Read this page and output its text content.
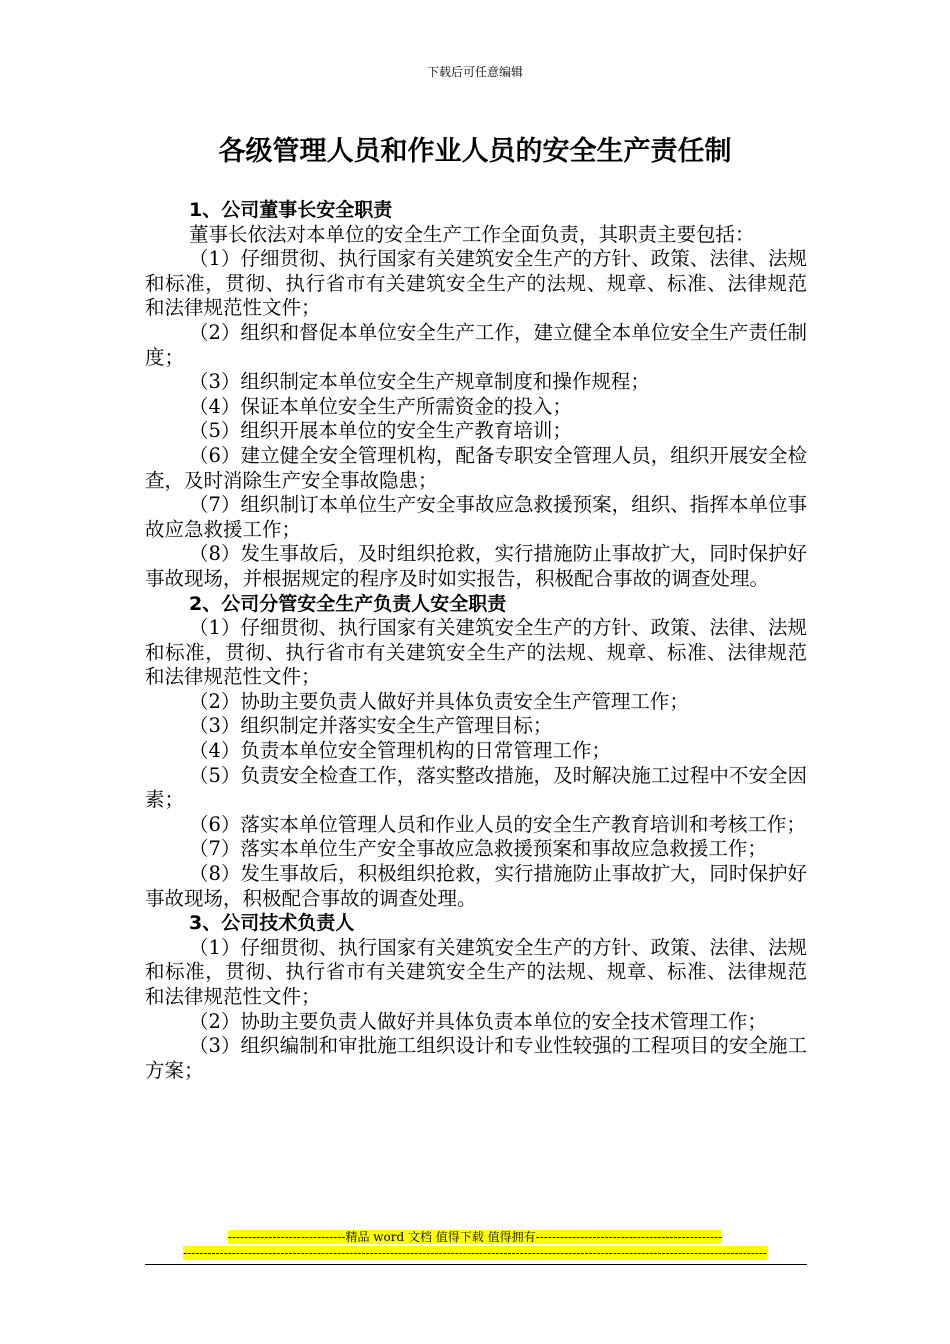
下载后可任意编辑
各级管理人员和作业人员的安全生产责任制
1、公司董事长安全职责

董事长依法对本单位的安全生产工作全面负责，其职责主要包括：

（1）仔细贯彻、执行国家有关建筑安全生产的方针、政策、法律、法规和标准，贯彻、执行省市有关建筑安全生产的法规、规章、标准、法律规范和法律规范性文件；

（2）组织和督促本单位安全生产工作，建立健全本单位安全生产责任制度；

（3）组织制定本单位安全生产规章制度和操作规程；

（4）保证本单位安全生产所需资金的投入；

（5）组织开展本单位的安全生产教育培训；

（6）建立健全安全管理机构，配备专职安全管理人员，组织开展安全检查，及时消除生产安全事故隐患；

（7）组织制订本单位生产安全事故应急救援预案，组织、指挥本单位事故应急救援工作；

（8）发生事故后，及时组织抢救，实行措施防止事故扩大，同时保护好事故现场，并根据规定的程序及时如实报告，积极配合事故的调查处理。

2、公司分管安全生产负责人安全职责

（1）仔细贯彻、执行国家有关建筑安全生产的方针、政策、法律、法规和标准，贯彻、执行省市有关建筑安全生产的法规、规章、标准、法律规范和法律规范性文件；

（2）协助主要负责人做好并具体负责安全生产管理工作；

（3）组织制定并落实安全生产管理目标；

（4）负责本单位安全管理机构的日常管理工作；

（5）负责安全检查工作，落实整改措施，及时解决施工过程中不安全因素；

（6）落实本单位管理人员和作业人员的安全生产教育培训和考核工作；

（7）落实本单位生产安全事故应急救援预案和事故应急救援工作；

（8）发生事故后，积极组织抢救，实行措施防止事故扩大，同时保护好事故现场，积极配合事故的调查处理。

3、公司技术负责人

（1）仔细贯彻、执行国家有关建筑安全生产的方针、政策、法律、法规和标准，贯彻、执行省市有关建筑安全生产的法规、规章、标准、法律规范和法律规范性文件；

（2）协助主要负责人做好并具体负责本单位的安全技术管理工作；

（3）组织编制和审批施工组织设计和专业性较强的工程项目的安全施工方案；

-----------------------------精品 word 文档 值得下载 值得拥有----------------------------------------------
------------------------------------------------------------------------------------------------------------------------------------------------
